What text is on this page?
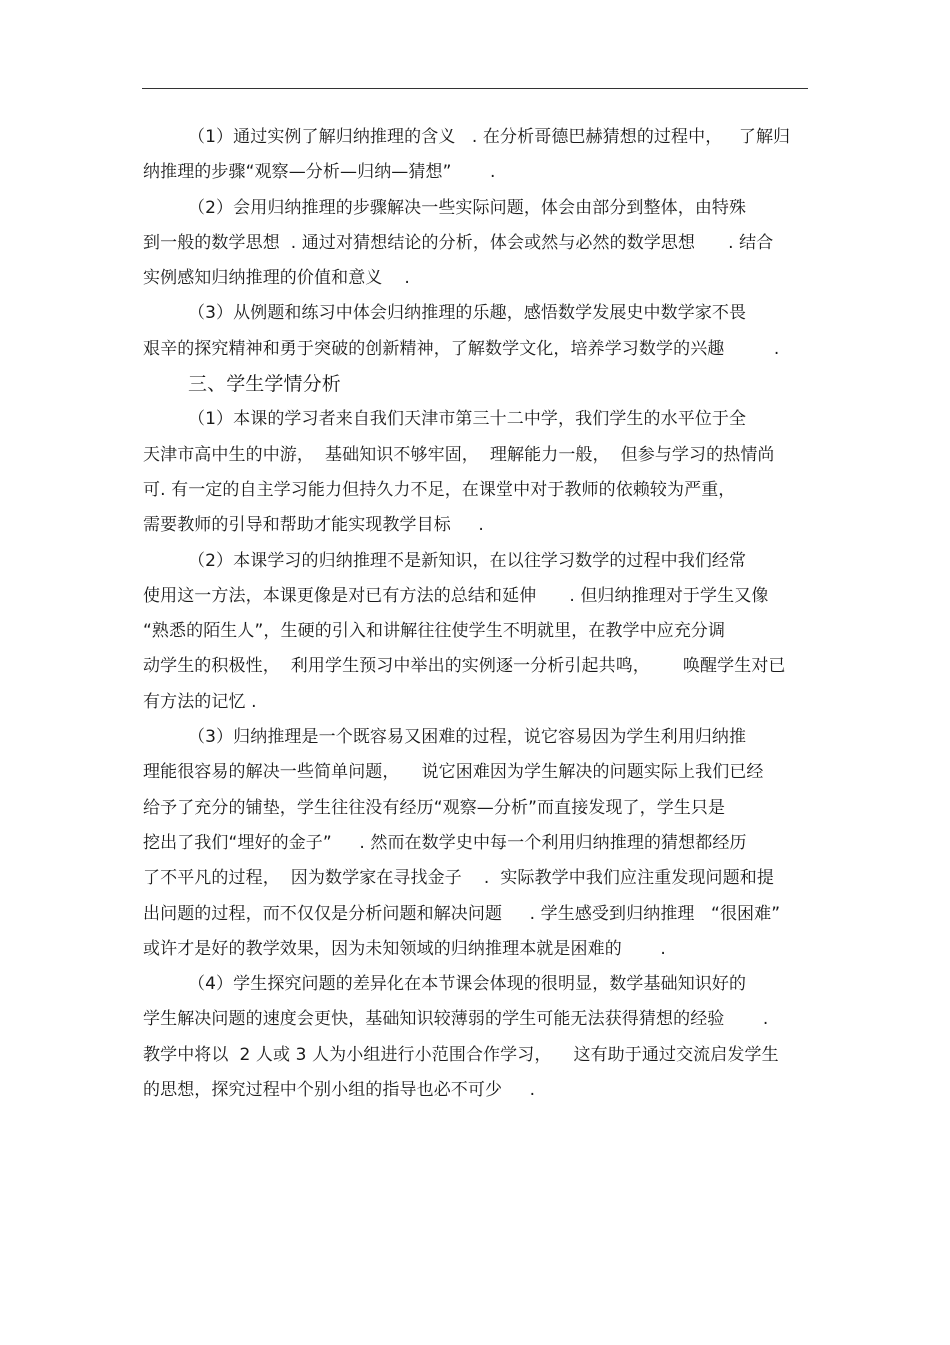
（1）通过实例了解归纳推理的含义   . 在分析哥德巴赫猜想的过程中，   了解归
纳推理的步骤“观察—分析—归纳—猜想”       .

（2）会用归纳推理的步骤解决一些实际问题，体会由部分到整体，由特殊
到一般的数学思想  . 通过对猜想结论的分析，体会或然与必然的数学思想      . 结合
实例感知归纳推理的价值和意义    .

（3）从例题和练习中体会归纳推理的乐趣，感悟数学发展史中数学家不畏
艰辛的探究精神和勇于突破的创新精神，了解数学文化，培养学习数学的兴趣         .

三、学生学情分析

（1）本课的学习者来自我们天津市第三十二中学，我们学生的水平位于全
天津市高中生的中游，  基础知识不够牢固，  理解能力一般，  但参与学习的热情尚
可. 有一定的自主学习能力但持久力不足，在课堂中对于教师的依赖较为严重，
需要教师的引导和帮助才能实现教学目标     .

（2）本课学习的归纳推理不是新知识，在以往学习数学的过程中我们经常
使用这一方法，本课更像是对已有方法的总结和延伸      . 但归纳推理对于学生又像
“熟悉的陌生人”，生硬的引入和讲解往往使学生不明就里，在教学中应充分调
动学生的积极性，  利用学生预习中举出的实例逐一分析引起共鸣，      唤醒学生对已
有方法的记忆 .

（3）归纳推理是一个既容易又困难的过程，说它容易因为学生利用归纳推
理能很容易的解决一些简单问题，    说它困难因为学生解决的问题实际上我们已经
给予了充分的铺垫，学生往往没有经历“观察—分析”而直接发现了，学生只是
挖出了我们“埋好的金子”     . 然而在数学史中每一个利用归纳推理的猜想都经历
了不平凡的过程，  因为数学家在寻找金子    .  实际教学中我们应注重发现问题和提
出问题的过程，而不仅仅是分析问题和解决问题     . 学生感受到归纳推理   “很困难”
或许才是好的教学效果，因为未知领域的归纳推理本就是困难的       .

（4）学生探究问题的差异化在本节课会体现的很明显，数学基础知识好的
学生解决问题的速度会更快，基础知识较薄弱的学生可能无法获得猜想的经验       .
教学中将以  2 人或 3 人为小组进行小范围合作学习，    这有助于通过交流启发学生
的思想，探究过程中个别小组的指导也必不可少     .
